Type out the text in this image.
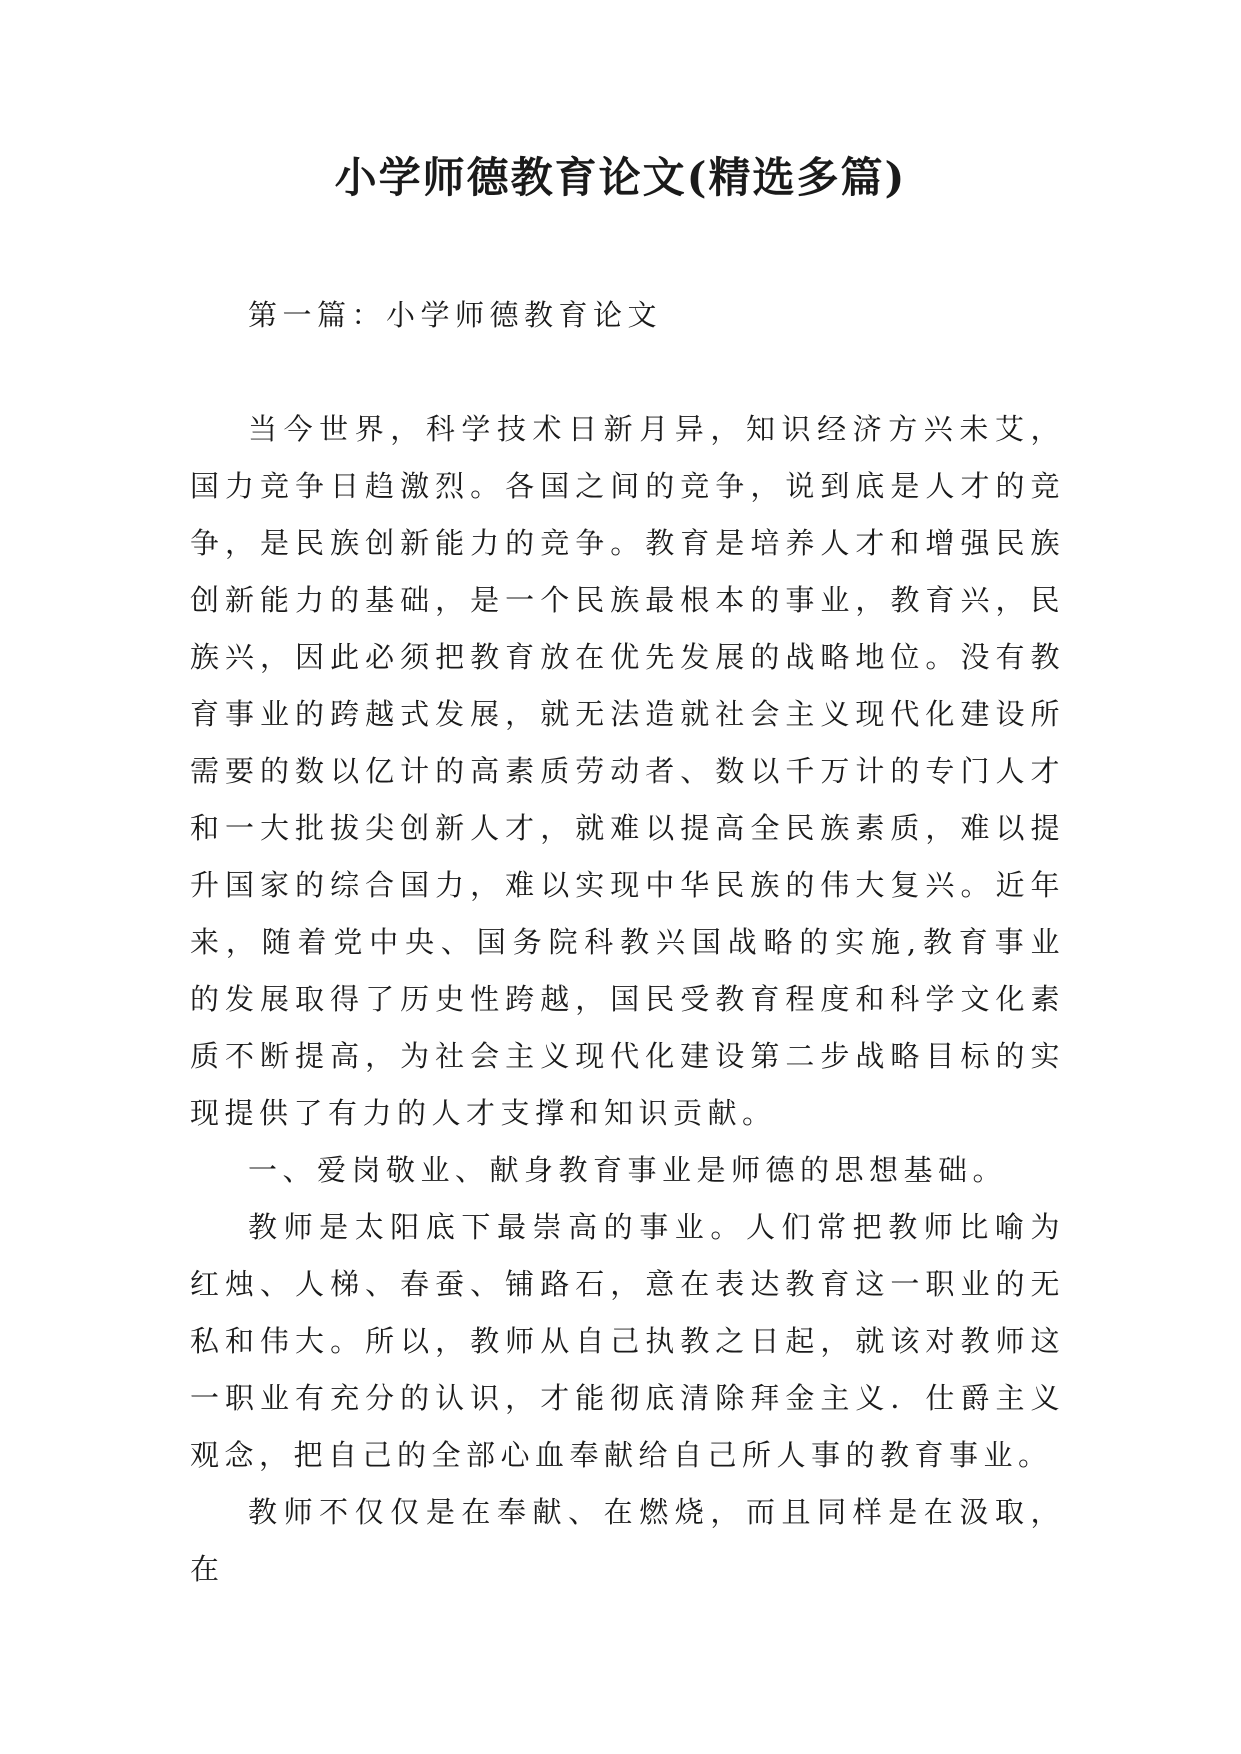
小学师德教育论文(精选多篇)

第一篇：小学师德教育论文

当今世界，科学技术日新月异，知识经济方兴未艾，国力竞争日趋激烈。各国之间的竞争，说到底是人才的竞争，是民族创新能力的竞争。教育是培养人才和增强民族创新能力的基础，是一个民族最根本的事业，教育兴，民族兴，因此必须把教育放在优先发展的战略地位。没有教育事业的跨越式发展，就无法造就社会主义现代化建设所需要的数以亿计的高素质劳动者、数以千万计的专门人才和一大批拔尖创新人才，就难以提高全民族素质，难以提升国家的综合国力，难以实现中华民族的伟大复兴。近年来，随着党中央、国务院科教兴国战略的实施,教育事业的发展取得了历史性跨越，国民受教育程度和科学文化素质不断提高，为社会主义现代化建设第二步战略目标的实现提供了有力的人才支撑和知识贡献。

一、爱岗敬业、献身教育事业是师德的思想基础。

教师是太阳底下最崇高的事业。人们常把教师比喻为红烛、人梯、春蚕、铺路石，意在表达教育这一职业的无私和伟大。所以，教师从自己执教之日起，就该对教师这一职业有充分的认识，才能彻底清除拜金主义．仕爵主义观念，把自己的全部心血奉献给自己所人事的教育事业。

教师不仅仅是在奉献、在燃烧，而且同样是在汲取，在
